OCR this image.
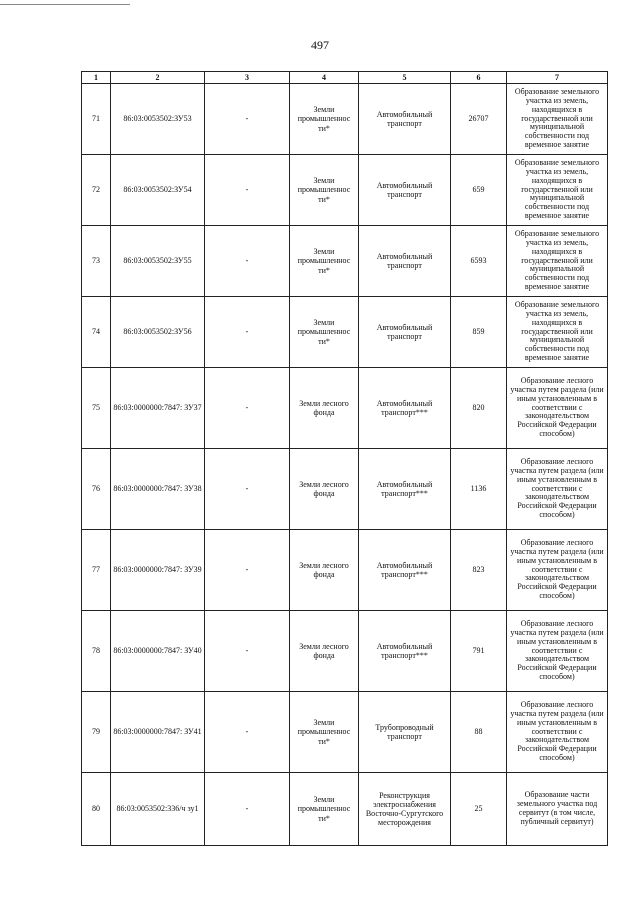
497
1	2	3	4	5	6	7
71	86:03:0053502:ЗУ53	-	Земли промышленнос ти*	Автомобильный транспорт	26707	Образование земельного участка из земель, находящихся в государственной или муниципальной собственности под временное занятие
72	86:03:0053502:ЗУ54	-	Земли промышленнос ти*	Автомобильный транспорт	659	Образование земельного участка из земель, находящихся в государственной или муниципальной собственности под временное занятие
73	86:03:0053502:ЗУ55	-	Земли промышленнос ти*	Автомобильный транспорт	6593	Образование земельного участка из земель, находящихся в государственной или муниципальной собственности под временное занятие
74	86:03:0053502:ЗУ56	-	Земли промышленнос ти*	Автомобильный транспорт	859	Образование земельного участка из земель, находящихся в государственной или муниципальной собственности под временное занятие
75	86:03:0000000:7847: ЗУ37	-	Земли лесного фонда	Автомобильный транспорт***	820	Образование лесного участка путем раздела (или иным установленным в соответствии с законодательством Российской Федерации способом)
76	86:03:0000000:7847: ЗУ38	-	Земли лесного фонда	Автомобильный транспорт***	1136	Образование лесного участка путем раздела (или иным установленным в соответствии с законодательством Российской Федерации способом)
77	86:03:0000000:7847: ЗУ39	-	Земли лесного фонда	Автомобильный транспорт***	823	Образование лесного участка путем раздела (или иным установленным в соответствии с законодательством Российской Федерации способом)
78	86:03:0000000:7847: ЗУ40	-	Земли лесного фонда	Автомобильный транспорт***	791	Образование лесного участка путем раздела (или иным установленным в соответствии с законодательством Российской Федерации способом)
79	86:03:0000000:7847: ЗУ41	-	Земли промышленнос ти*	Трубопроводный транспорт	88	Образование лесного участка путем раздела (или иным установленным в соответствии с законодательством Российской Федерации способом)
80	86:03:0053502:336/ч зу1	-	Земли промышленнос ти*	Реконструкция электроснабжения Восточно-Сургутского месторождения	25	Образование части земельного участка под сервитут (в том числе, публичный сервитут)
